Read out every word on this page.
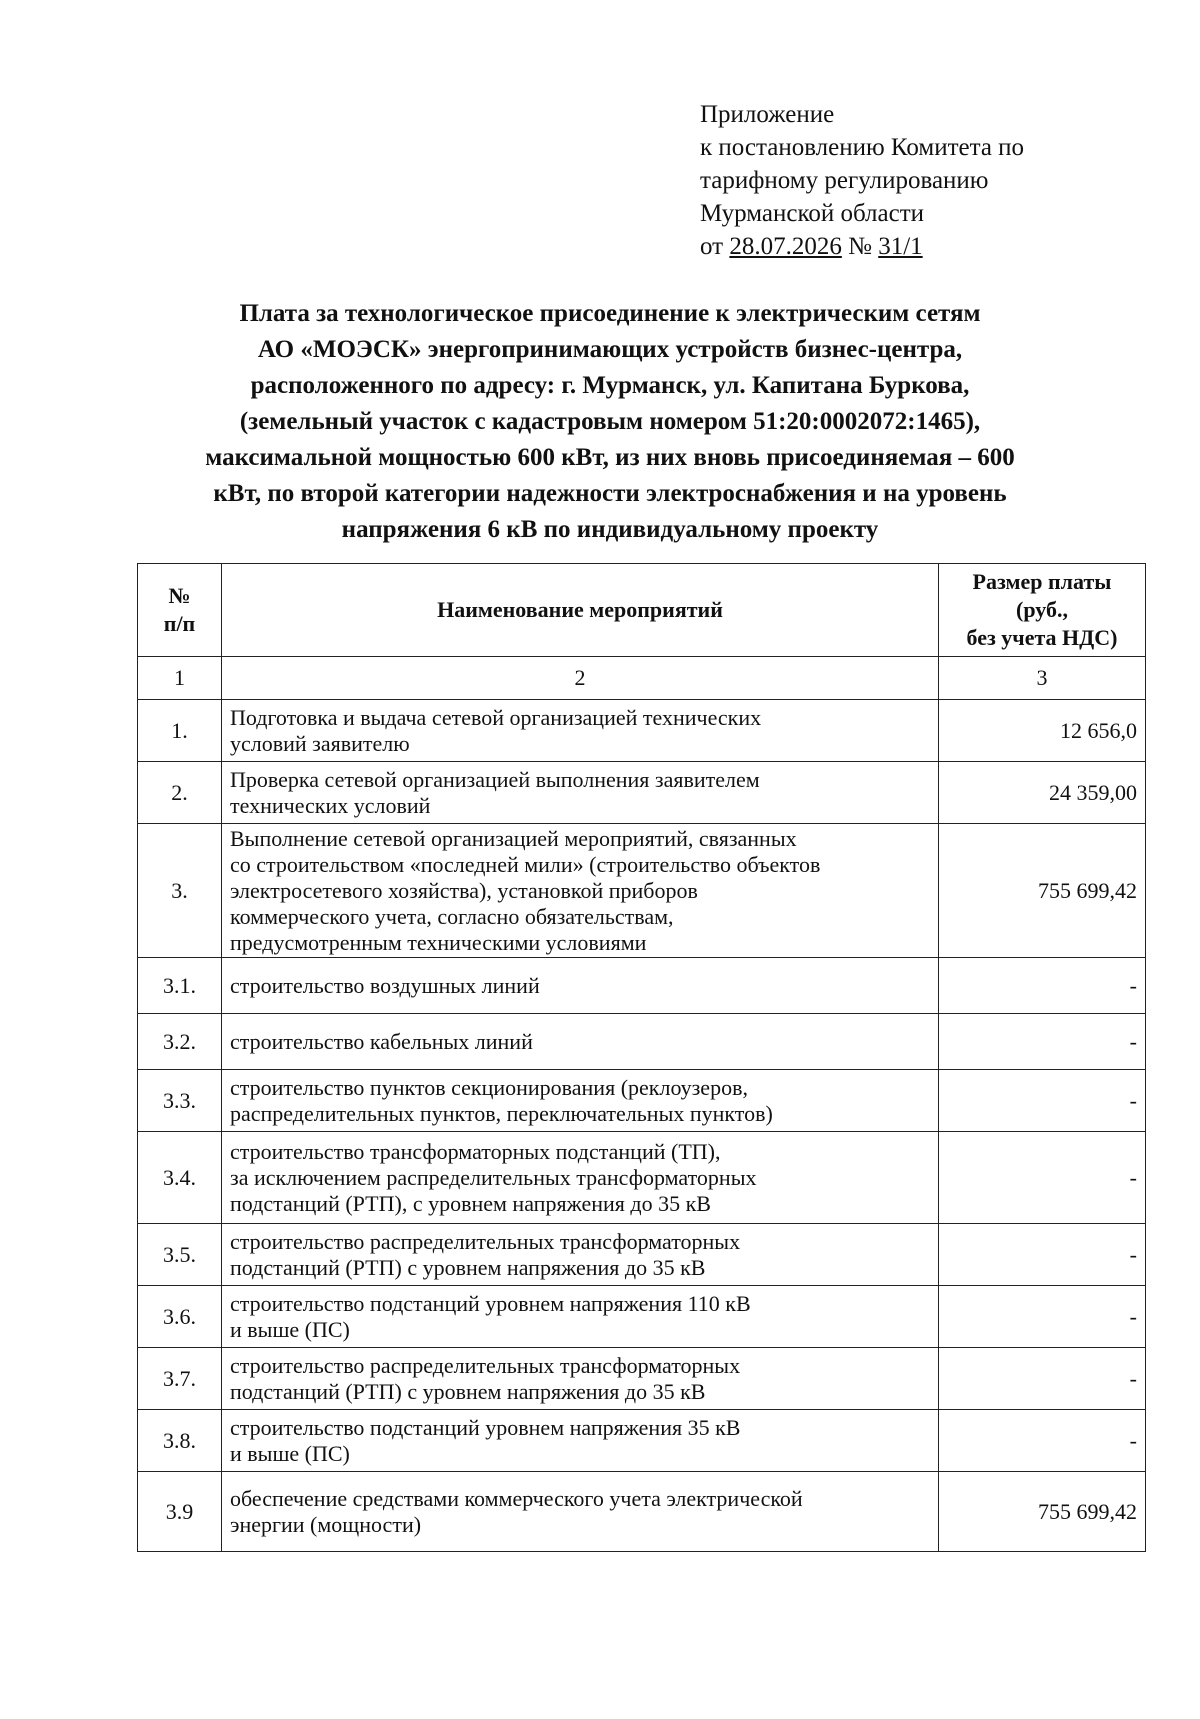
Приложение
к постановлению Комитета по
тарифному регулированию
Мурманской области
от 28.07.2026 № 31/1
Плата за технологическое присоединение к электрическим сетям
АО «МОЭСК» энергопринимающих устройств бизнес-центра,
расположенного по адресу: г. Мурманск, ул. Капитана Буркова,
(земельный участок с кадастровым номером 51:20:0002072:1465),
максимальной мощностью 600 кВт, из них вновь присоединяемая – 600
кВт, по второй категории надежности электроснабжения и на уровень
напряжения 6 кВ по индивидуальному проекту
№
п/п	Наименование мероприятий	Размер платы
(руб.,
без учета НДС)
1	2	3
1.	Подготовка и выдача сетевой организацией технических
условий заявителю	12 656,0
2.	Проверка сетевой организацией выполнения заявителем
технических условий	24 359,00
3.	Выполнение сетевой организацией мероприятий, связанных
со строительством «последней мили» (строительство объектов
электросетевого хозяйства), установкой приборов
коммерческого учета, согласно обязательствам,
предусмотренным техническими условиями	755 699,42
3.1.	строительство воздушных линий	-
3.2.	строительство кабельных линий	-
3.3.	строительство пунктов секционирования (реклоузеров,
распределительных пунктов, переключательных пунктов)	-
3.4.	строительство трансформаторных подстанций (ТП),
за исключением распределительных трансформаторных
подстанций (РТП), с уровнем напряжения до 35 кВ	-
3.5.	строительство распределительных трансформаторных
подстанций (РТП) с уровнем напряжения до 35 кВ	-
3.6.	строительство подстанций уровнем напряжения 110 кВ
и выше (ПС)	-
3.7.	строительство распределительных трансформаторных
подстанций (РТП) с уровнем напряжения до 35 кВ	-
3.8.	строительство подстанций уровнем напряжения 35 кВ
и выше (ПС)	-
3.9	обеспечение средствами коммерческого учета электрической
энергии (мощности)	755 699,42
